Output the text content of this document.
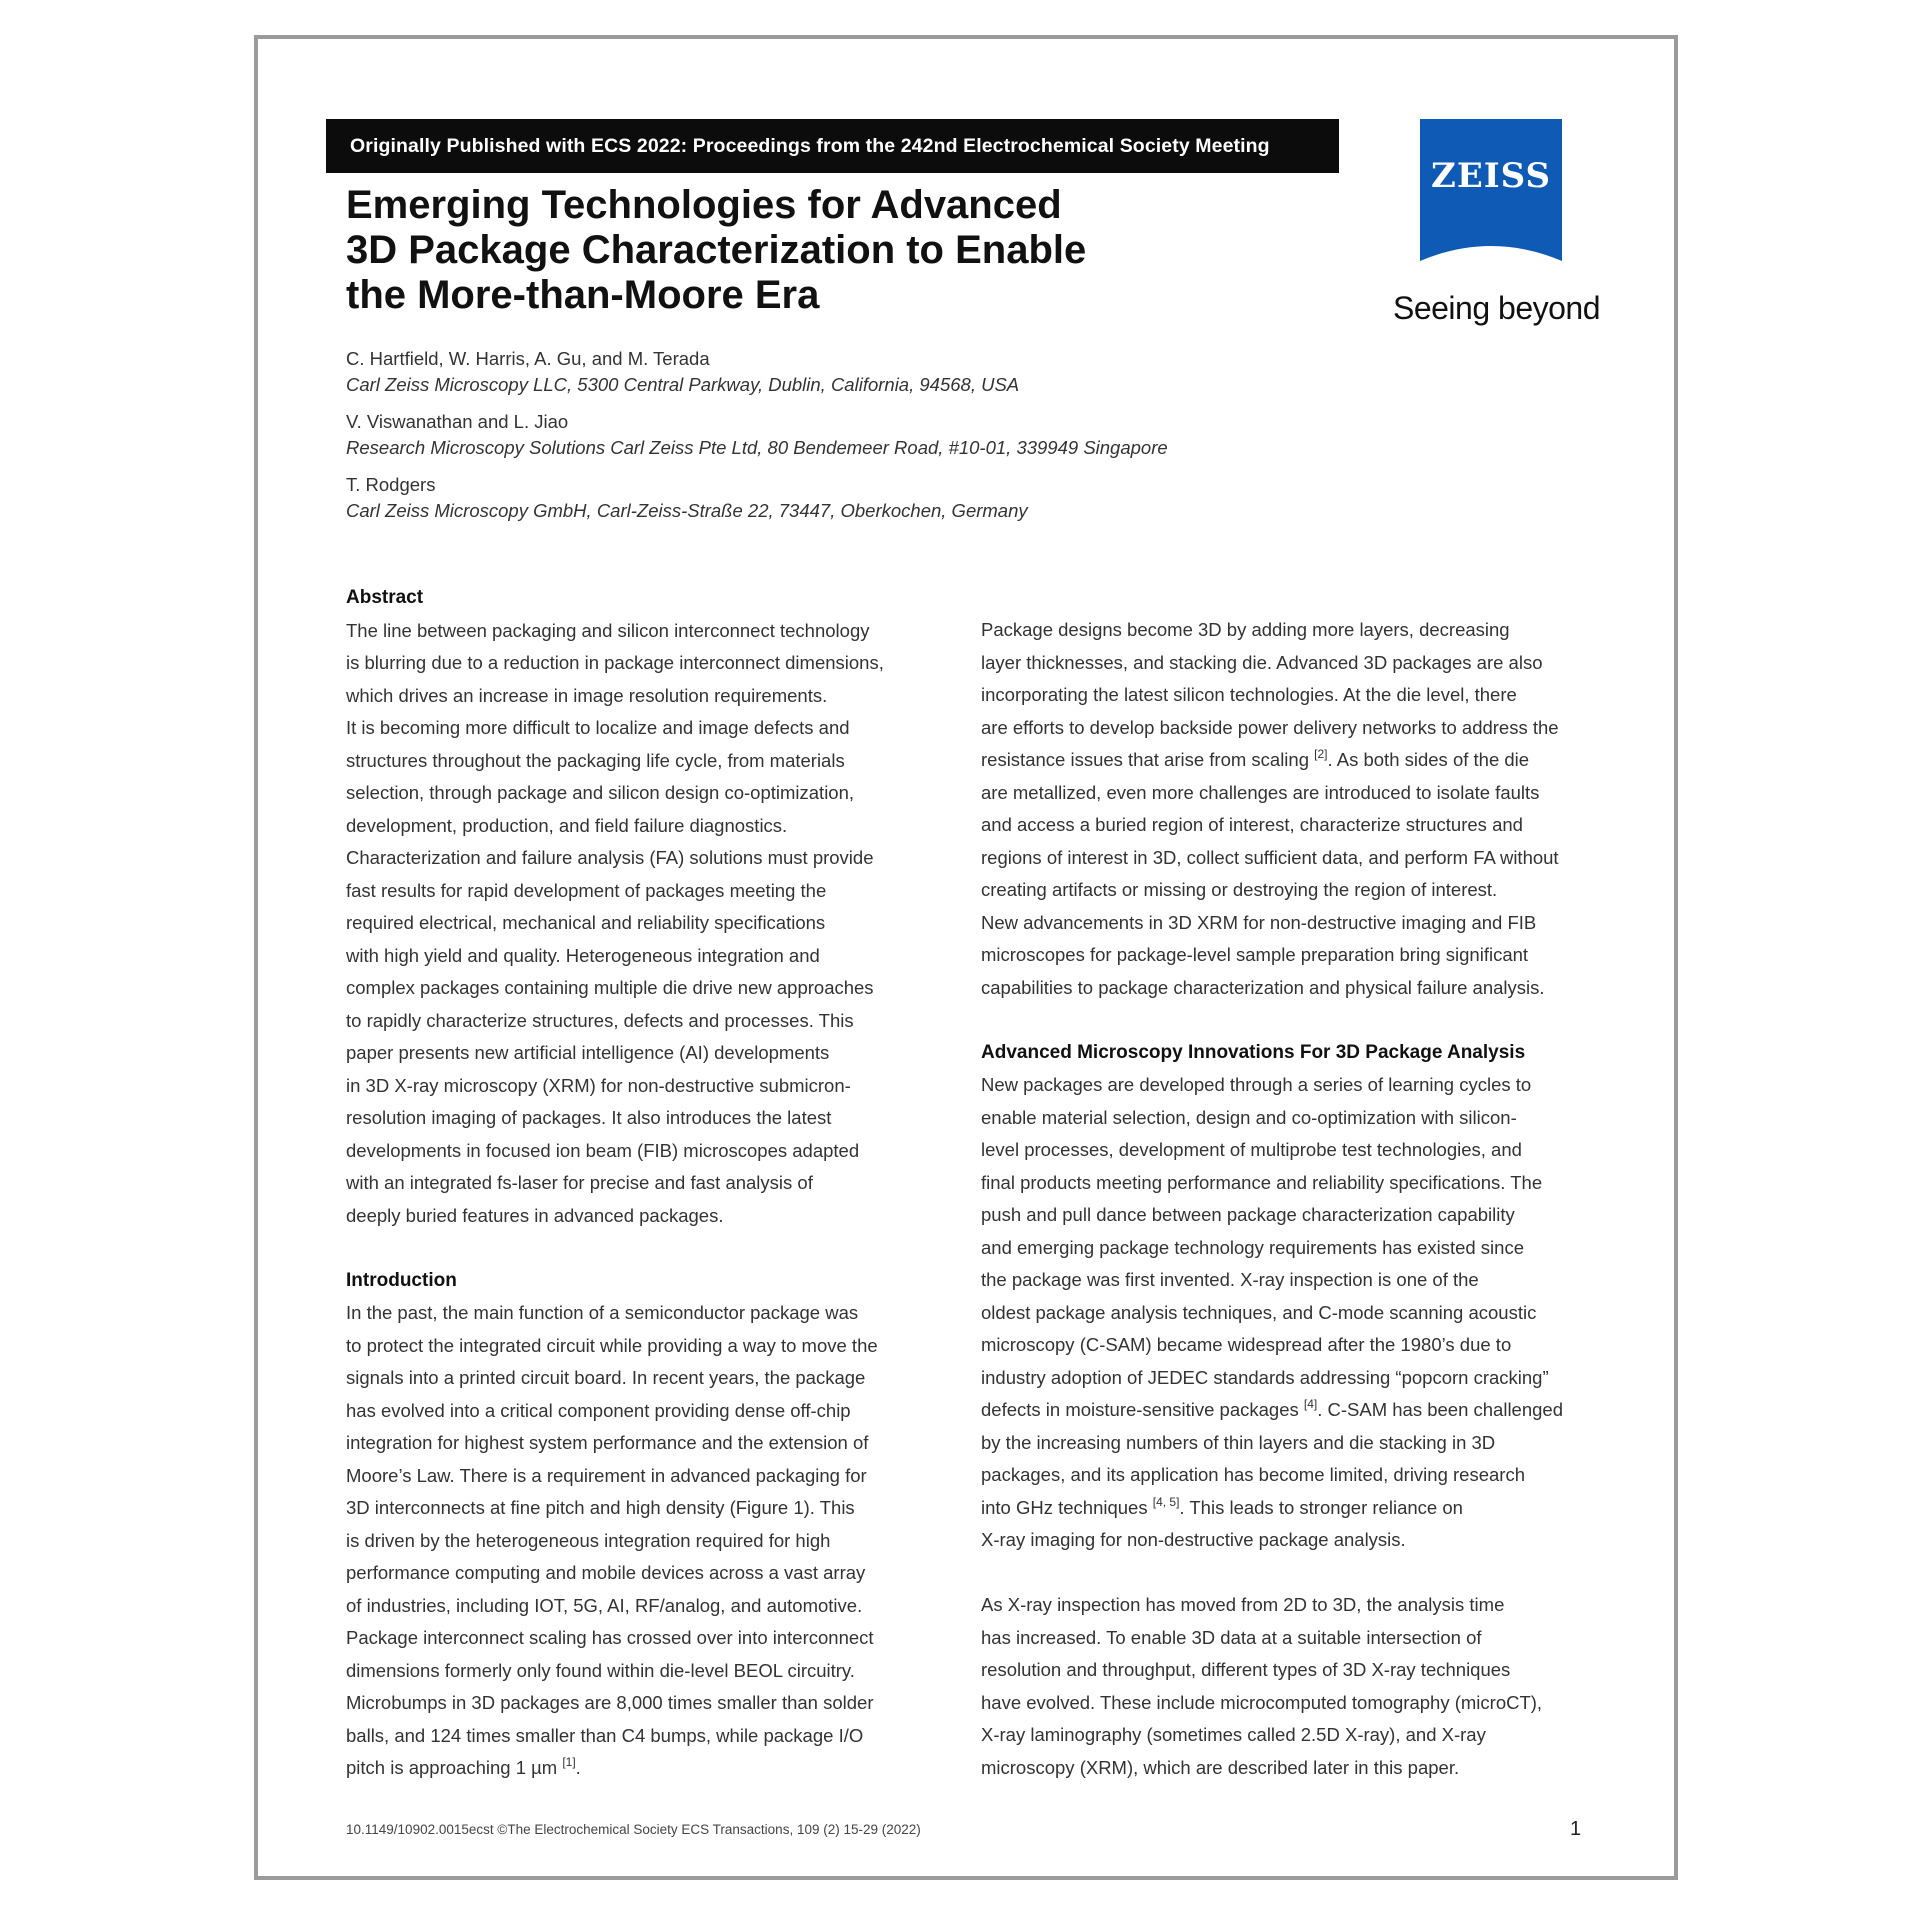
Originally Published with ECS 2022: Proceedings from the 242nd Electrochemical Society Meeting
Emerging Technologies for Advanced
3D Package Characterization to Enable
the More-than-Moore Era
ZEISS
Seeing beyond
C. Hartfield, W. Harris, A. Gu, and M. Terada
Carl Zeiss Microscopy LLC, 5300 Central Parkway, Dublin, California, 94568, USA
V. Viswanathan and L. Jiao
Research Microscopy Solutions Carl Zeiss Pte Ltd, 80 Bendemeer Road, #10-01, 339949 Singapore
T. Rodgers
Carl Zeiss Microscopy GmbH, Carl-Zeiss-Straße 22, 73447, Oberkochen, Germany
Abstract
The line between packaging and silicon interconnect technology
is blurring due to a reduction in package interconnect dimensions,
which drives an increase in image resolution requirements.
It is becoming more difficult to localize and image defects and
structures throughout the packaging life cycle, from materials
selection, through package and silicon design co-optimization,
development, production, and field failure diagnostics.
Characterization and failure analysis (FA) solutions must provide
fast results for rapid development of packages meeting the
required electrical, mechanical and reliability specifications
with high yield and quality. Heterogeneous integration and
complex packages containing multiple die drive new approaches
to rapidly characterize structures, defects and processes. This
paper presents new artificial intelligence (AI) developments
in 3D X-ray microscopy (XRM) for non-destructive submicron-
resolution imaging of packages. It also introduces the latest
developments in focused ion beam (FIB) microscopes adapted
with an integrated fs-laser for precise and fast analysis of
deeply buried features in advanced packages.
Introduction
In the past, the main function of a semiconductor package was
to protect the integrated circuit while providing a way to move the
signals into a printed circuit board. In recent years, the package
has evolved into a critical component providing dense off-chip
integration for highest system performance and the extension of
Moore’s Law. There is a requirement in advanced packaging for
3D interconnects at fine pitch and high density (Figure 1). This
is driven by the heterogeneous integration required for high
performance computing and mobile devices across a vast array
of industries, including IOT, 5G, AI, RF/analog, and automotive.
Package interconnect scaling has crossed over into interconnect
dimensions formerly only found within die-level BEOL circuitry.
Microbumps in 3D packages are 8,000 times smaller than solder
balls, and 124 times smaller than C4 bumps, while package I/O
pitch is approaching 1 µm [1].
Package designs become 3D by adding more layers, decreasing
layer thicknesses, and stacking die. Advanced 3D packages are also
incorporating the latest silicon technologies. At the die level, there
are efforts to develop backside power delivery networks to address the
resistance issues that arise from scaling [2]. As both sides of the die
are metallized, even more challenges are introduced to isolate faults
and access a buried region of interest, characterize structures and
regions of interest in 3D, collect sufficient data, and perform FA without
creating artifacts or missing or destroying the region of interest.
New advancements in 3D XRM for non-destructive imaging and FIB
microscopes for package-level sample preparation bring significant
capabilities to package characterization and physical failure analysis.
Advanced Microscopy Innovations For 3D Package Analysis
New packages are developed through a series of learning cycles to
enable material selection, design and co-optimization with silicon-
level processes, development of multiprobe test technologies, and
final products meeting performance and reliability specifications. The
push and pull dance between package characterization capability
and emerging package technology requirements has existed since
the package was first invented. X-ray inspection is one of the
oldest package analysis techniques, and C-mode scanning acoustic
microscopy (C-SAM) became widespread after the 1980’s due to
industry adoption of JEDEC standards addressing “popcorn cracking”
defects in moisture-sensitive packages [4]. C-SAM has been challenged
by the increasing numbers of thin layers and die stacking in 3D
packages, and its application has become limited, driving research
into GHz techniques [4, 5]. This leads to stronger reliance on
X-ray imaging for non-destructive package analysis.
As X-ray inspection has moved from 2D to 3D, the analysis time
has increased. To enable 3D data at a suitable intersection of
resolution and throughput, different types of 3D X-ray techniques
have evolved. These include microcomputed tomography (microCT),
X-ray laminography (sometimes called 2.5D X-ray), and X-ray
microscopy (XRM), which are described later in this paper.
10.1149/10902.0015ecst ©The Electrochemical Society ECS Transactions, 109 (2) 15-29 (2022)	1
